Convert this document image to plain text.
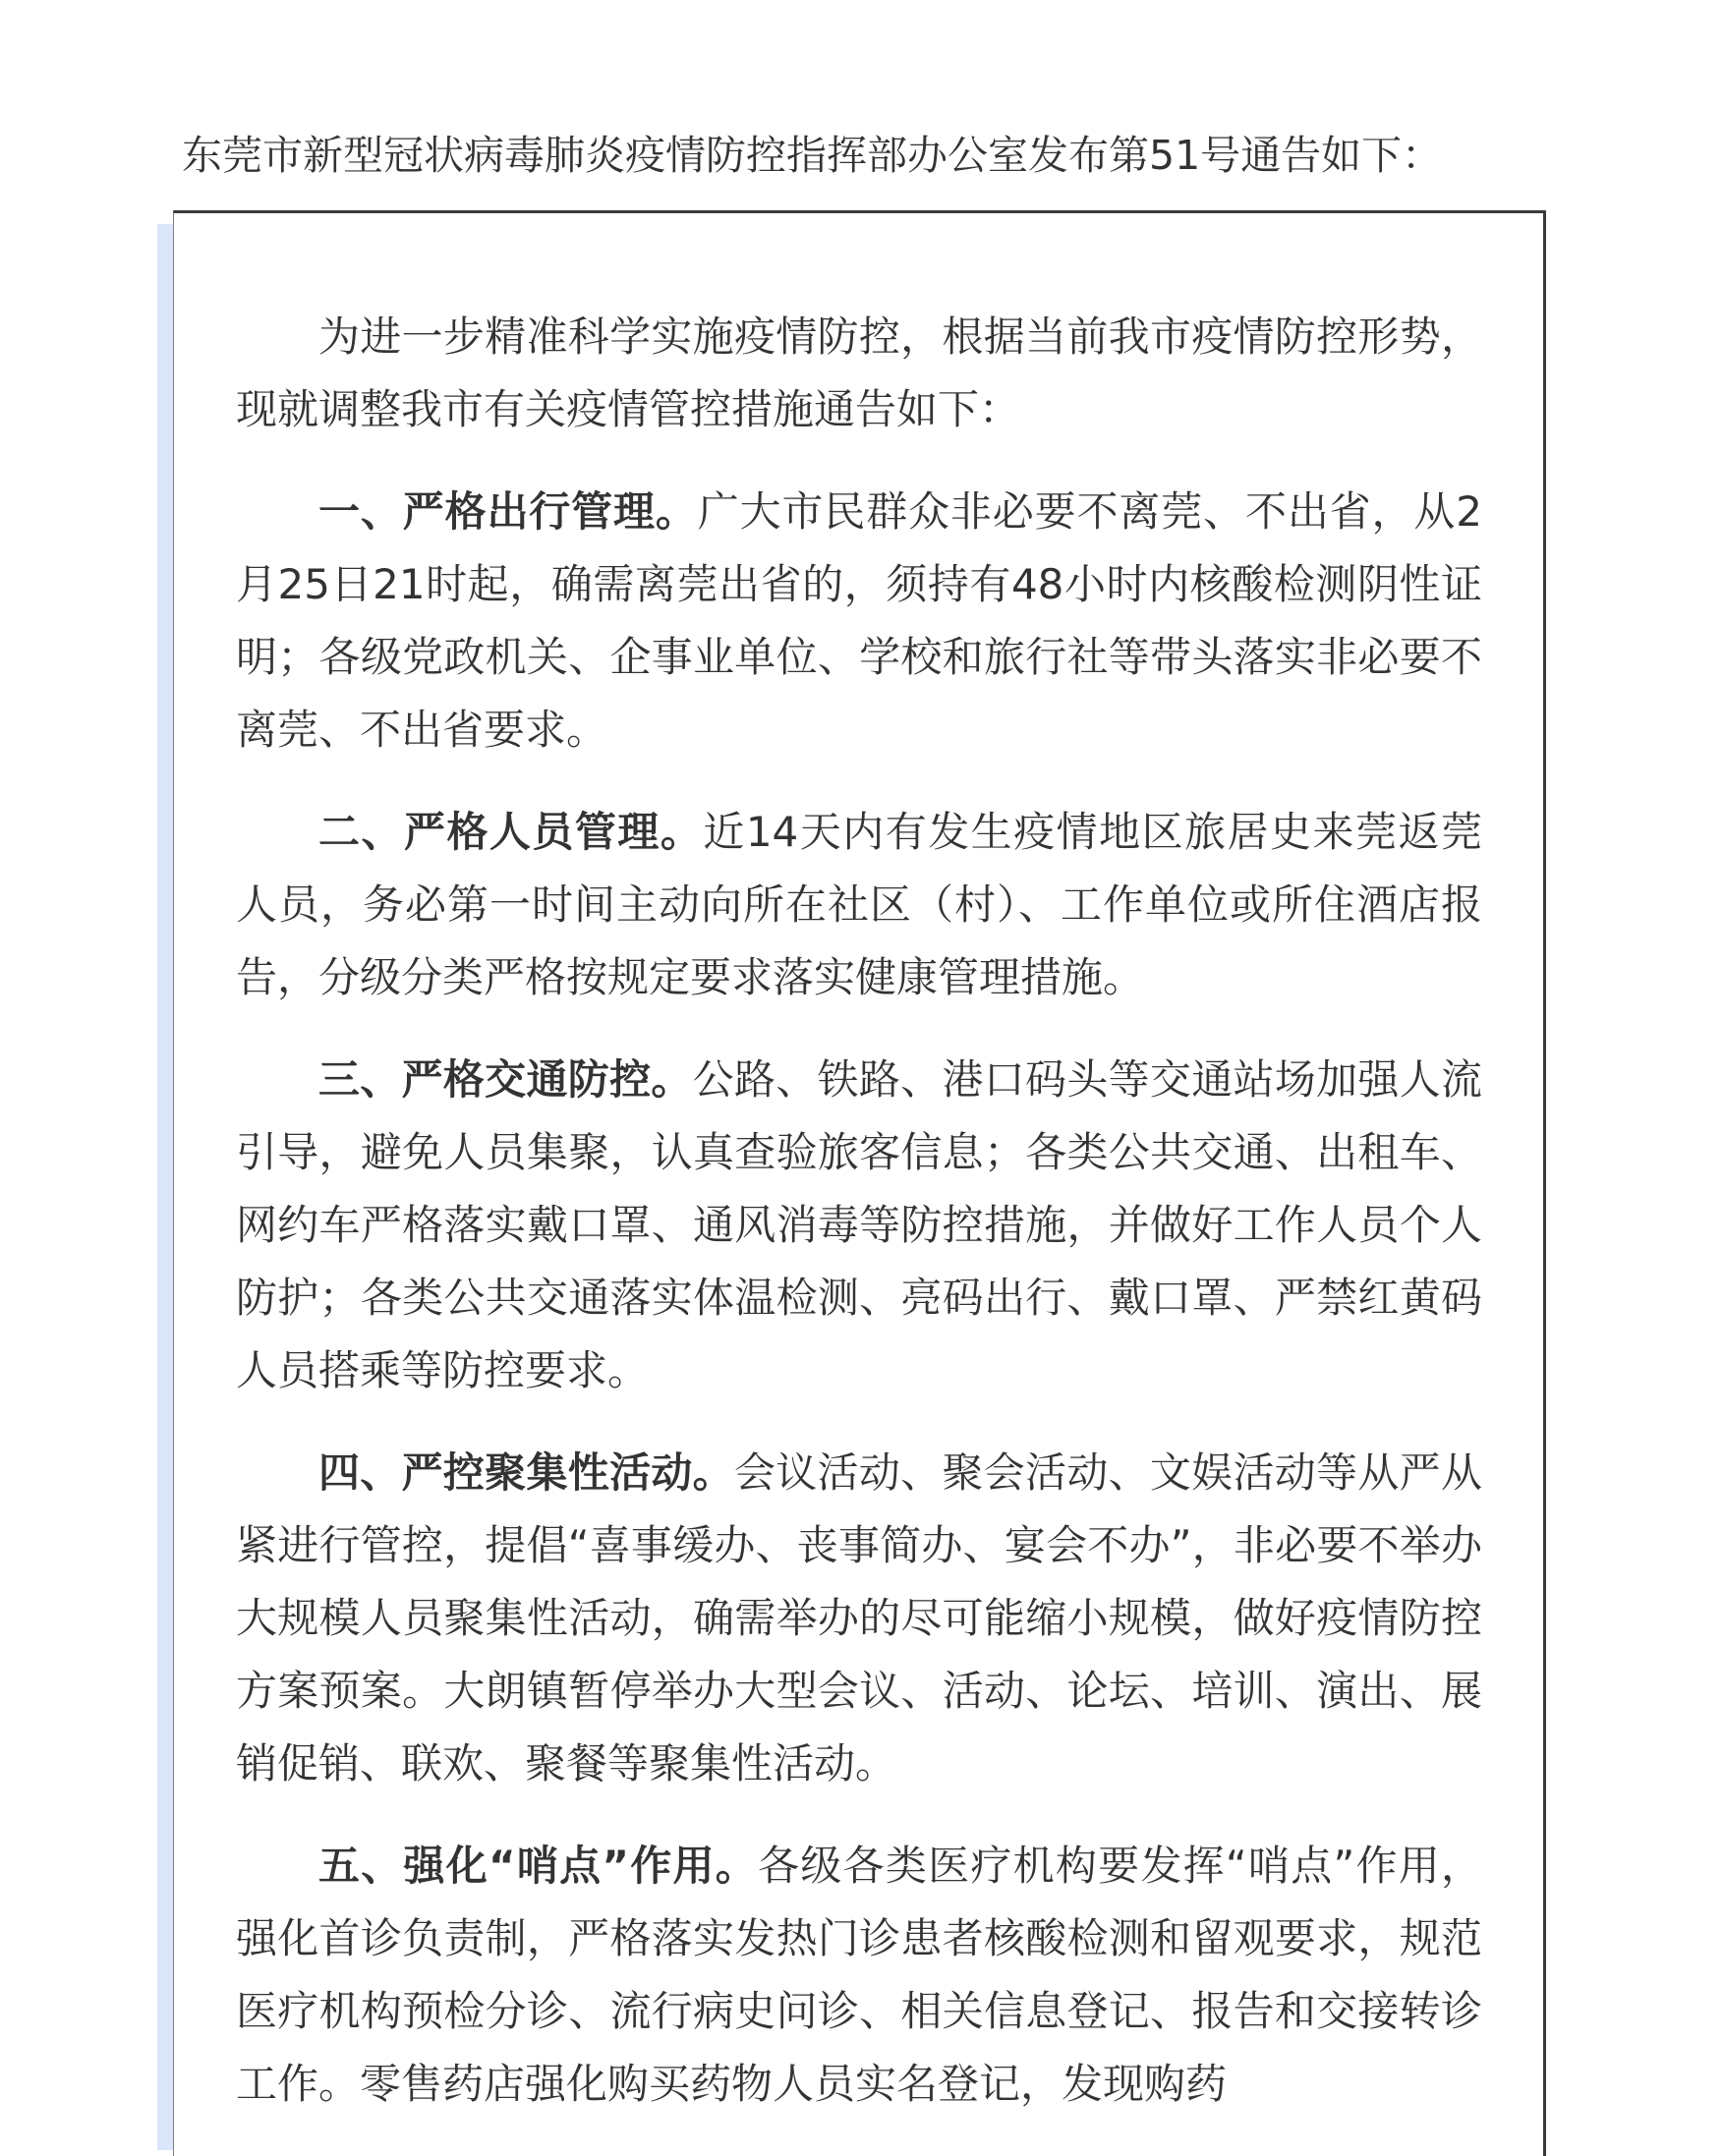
东莞市新型冠状病毒肺炎疫情防控指挥部办公室发布第51号通告如下：

为进一步精准科学实施疫情防控，根据当前我市疫情防控形势，现就调整我市有关疫情管控措施通告如下：

一、严格出行管理。广大市民群众非必要不离莞、不出省，从2月25日21时起，确需离莞出省的，须持有48小时内核酸检测阴性证明；各级党政机关、企事业单位、学校和旅行社等带头落实非必要不离莞、不出省要求。

二、严格人员管理。近14天内有发生疫情地区旅居史来莞返莞人员，务必第一时间主动向所在社区（村）、工作单位或所住酒店报告，分级分类严格按规定要求落实健康管理措施。

三、严格交通防控。公路、铁路、港口码头等交通站场加强人流引导，避免人员集聚，认真查验旅客信息；各类公共交通、出租车、网约车严格落实戴口罩、通风消毒等防控措施，并做好工作人员个人防护；各类公共交通落实体温检测、亮码出行、戴口罩、严禁红黄码人员搭乘等防控要求。

四、严控聚集性活动。会议活动、聚会活动、文娱活动等从严从紧进行管控，提倡“喜事缓办、丧事简办、宴会不办”，非必要不举办大规模人员聚集性活动，确需举办的尽可能缩小规模，做好疫情防控方案预案。大朗镇暂停举办大型会议、活动、论坛、培训、演出、展销促销、联欢、聚餐等聚集性活动。

五、强化“哨点”作用。各级各类医疗机构要发挥“哨点”作用，强化首诊负责制，严格落实发热门诊患者核酸检测和留观要求，规范医疗机构预检分诊、流行病史问诊、相关信息登记、报告和交接转诊工作。零售药店强化购买药物人员实名登记，发现购药
